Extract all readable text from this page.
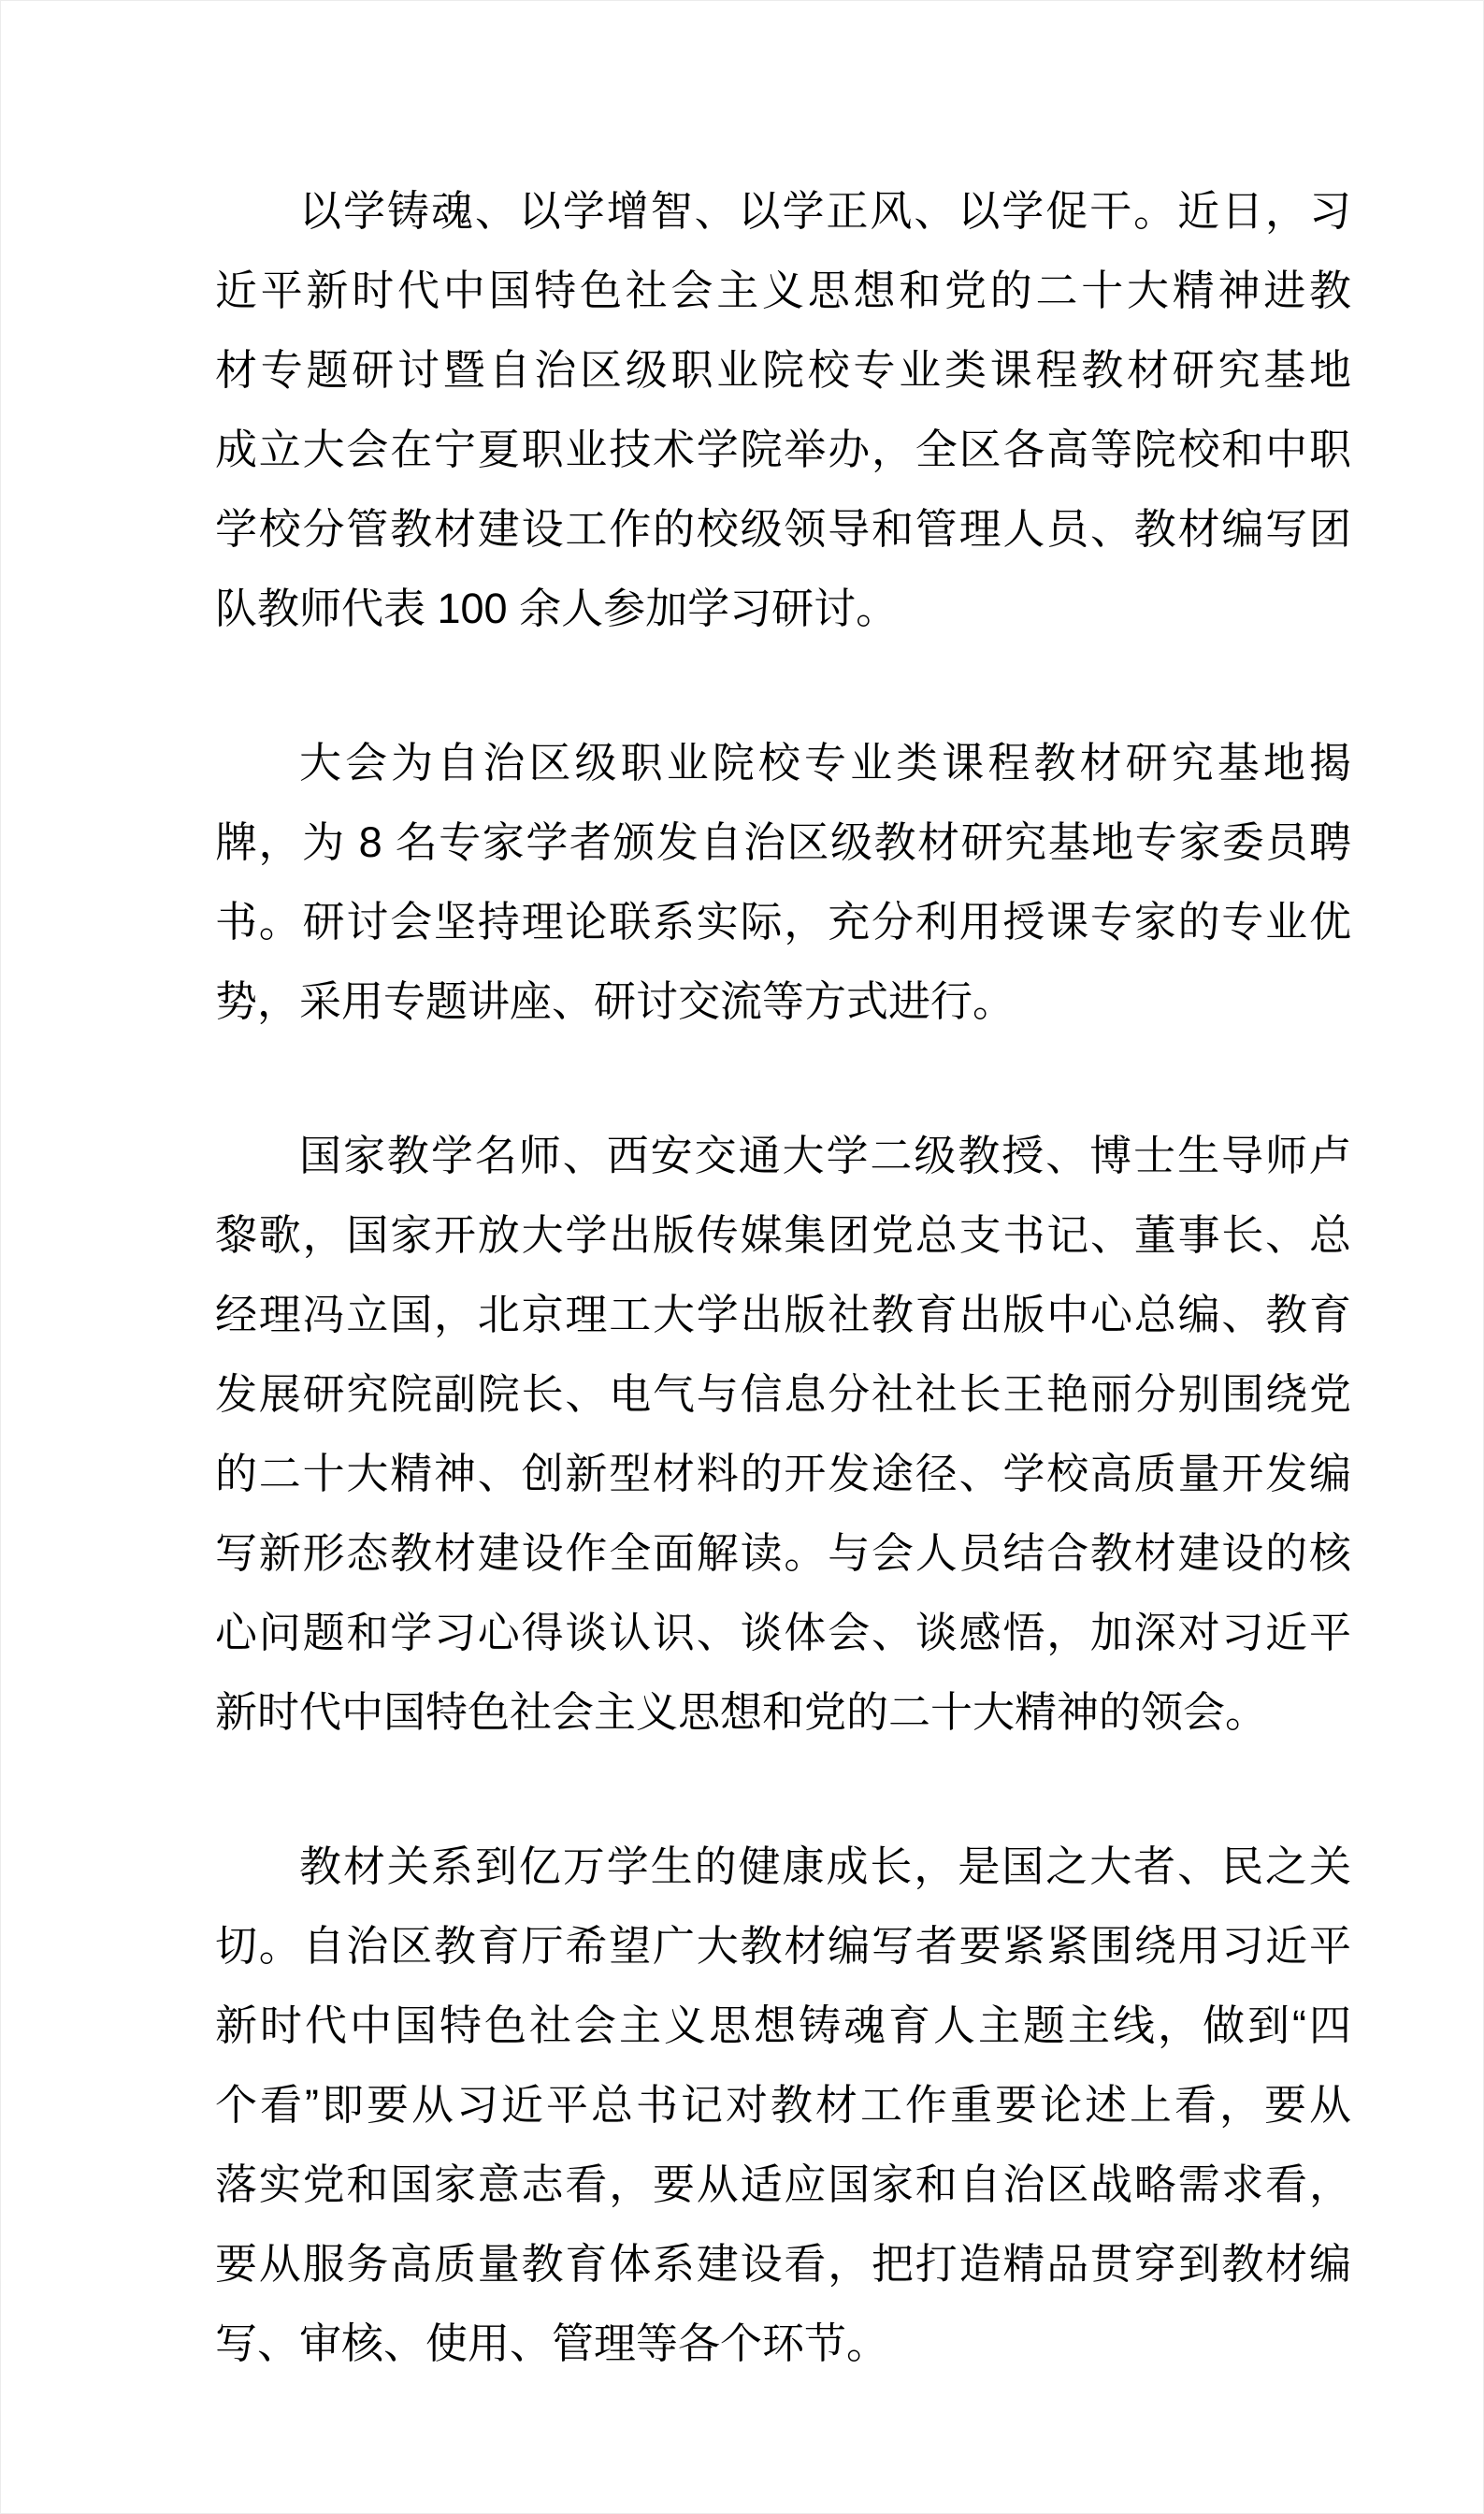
以学铸魂、以学增智、以学正风、以学促干。近日，习
近平新时代中国特色社会主义思想和党的二十大精神进教
材专题研讨暨自治区级职业院校专业类课程教材研究基地
成立大会在宁夏职业技术学院举办，全区各高等院校和中职
学校分管教材建设工作的校级领导和管理人员、教材编写团
队教师代表 100 余人参加学习研讨。
大会为自治区级职业院校专业类课程教材研究基地揭
牌，为 8 名专家学者颁发自治区级教材研究基地专家委员聘
书。研讨会坚持理论联系实际，充分利用授课专家的专业优
势，采用专题讲座、研讨交流等方式进行。
国家教学名师、西安交通大学二级教授、博士生导师卢
黎歌，国家开放大学出版传媒集团党总支书记、董事长、总
经理冯立国，北京理工大学出版社教育出版中心总编、教育
发展研究院副院长、电气与信息分社社长王艳丽分别围绕党
的二十大精神、创新型材料的开发途径、学校高质量开发编
写新形态教材建设作全面解读。与会人员结合教材建设的核
心问题和学习心得谈认识、谈体会、谈感悟，加深对习近平
新时代中国特色社会主义思想和党的二十大精神的领会。
教材关系到亿万学生的健康成长，是国之大者、民之关
切。自治区教育厅希望广大教材编写者要紧紧围绕用习近平
新时代中国特色社会主义思想铸魂育人主题主线，做到“四
个看”即要从习近平总书记对教材工作重要论述上看，要从
落实党和国家意志看，要从适应国家和自治区战略需求看，
要从服务高质量教育体系建设看，把打造精品贯穿到教材编
写、审核、使用、管理等各个环节。
